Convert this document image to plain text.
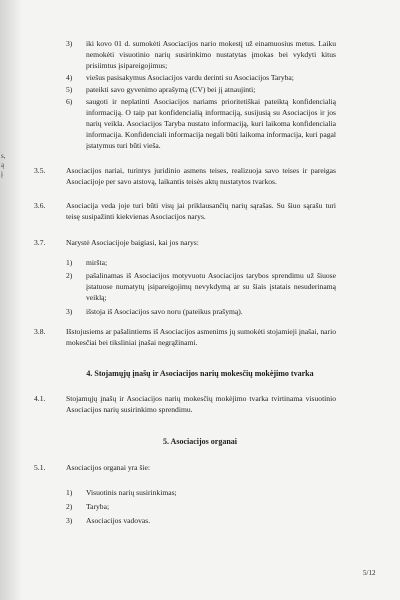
s,
ą
į
3) iki kovo 01 d. sumokėti Asociacijos nario mokestį už einamuosius metus. Laiku nemokėti visuotinio narių susirinkimo nustatytas įmokas bei vykdyti kitus prisiimtus įsipareigojimus;
4) viešus pasisakymus Asociacijos vardu derinti su Asociacijos Taryba;
5) pateikti savo gyvenimo aprašymą (CV) bei jį atnaujinti;
6) saugoti ir neplatinti Asociacijos nariams prioritetiškai pateiktą konfidencialią informaciją. O taip pat konfidencialią informaciją, susijusią su Asociacijos ir jos narių veikla. Asociacijos Taryba nustato informaciją, kuri laikoma konfidencialia informacija. Konfidenciali informacija negali būti laikoma informacija, kuri pagal įstatymus turi būti vieša.
3.5.	Asociacijos nariai, turintys juridinio asmens teises, realizuoja savo teises ir pareigas Asociacijoje per savo atstovą, laikantis teisės aktų nustatytos tvarkos.
3.6.	Asociacija veda joje turi būti visų jai priklausančių narių sąrašas. Su šiuo sąrašu turi teisę susipažinti kiekvienas Asociacijos narys.
3.7.	Narystė Asociacijoje baigiasi, kai jos narys:
1) miršta;
2) pašalinamas iš Asociacijos motyvuotu Asociacijos tarybos sprendimu už šiuose įstatuose numatytų įsipareigojimų nevykdymą ar su šiais įstatais nesuderinamą veiklą;
3) išstoja iš Asociacijos savo noru (pateikus prašymą).
3.8.	Išstojusiems ar pašalintiems iš Asociacijos asmenims jų sumokėti stojamieji įnašai, nario mokesčiai bei tiksliniai įnašai negrąžinami.
4. Stojamųjų įnašų ir Asociacijos narių mokesčių mokėjimo tvarka
4.1.	Stojamųjų įnašų ir Asociacijos narių mokesčių mokėjimo tvarka tvirtinama visuotinio Asociacijos narių susirinkimo sprendimu.
5. Asociacijos organai
5.1.	Asociacijos organai yra šie:
1) Visuotinis narių susirinkimas;
2) Taryba;
3) Asociacijos vadovas.
5/12
